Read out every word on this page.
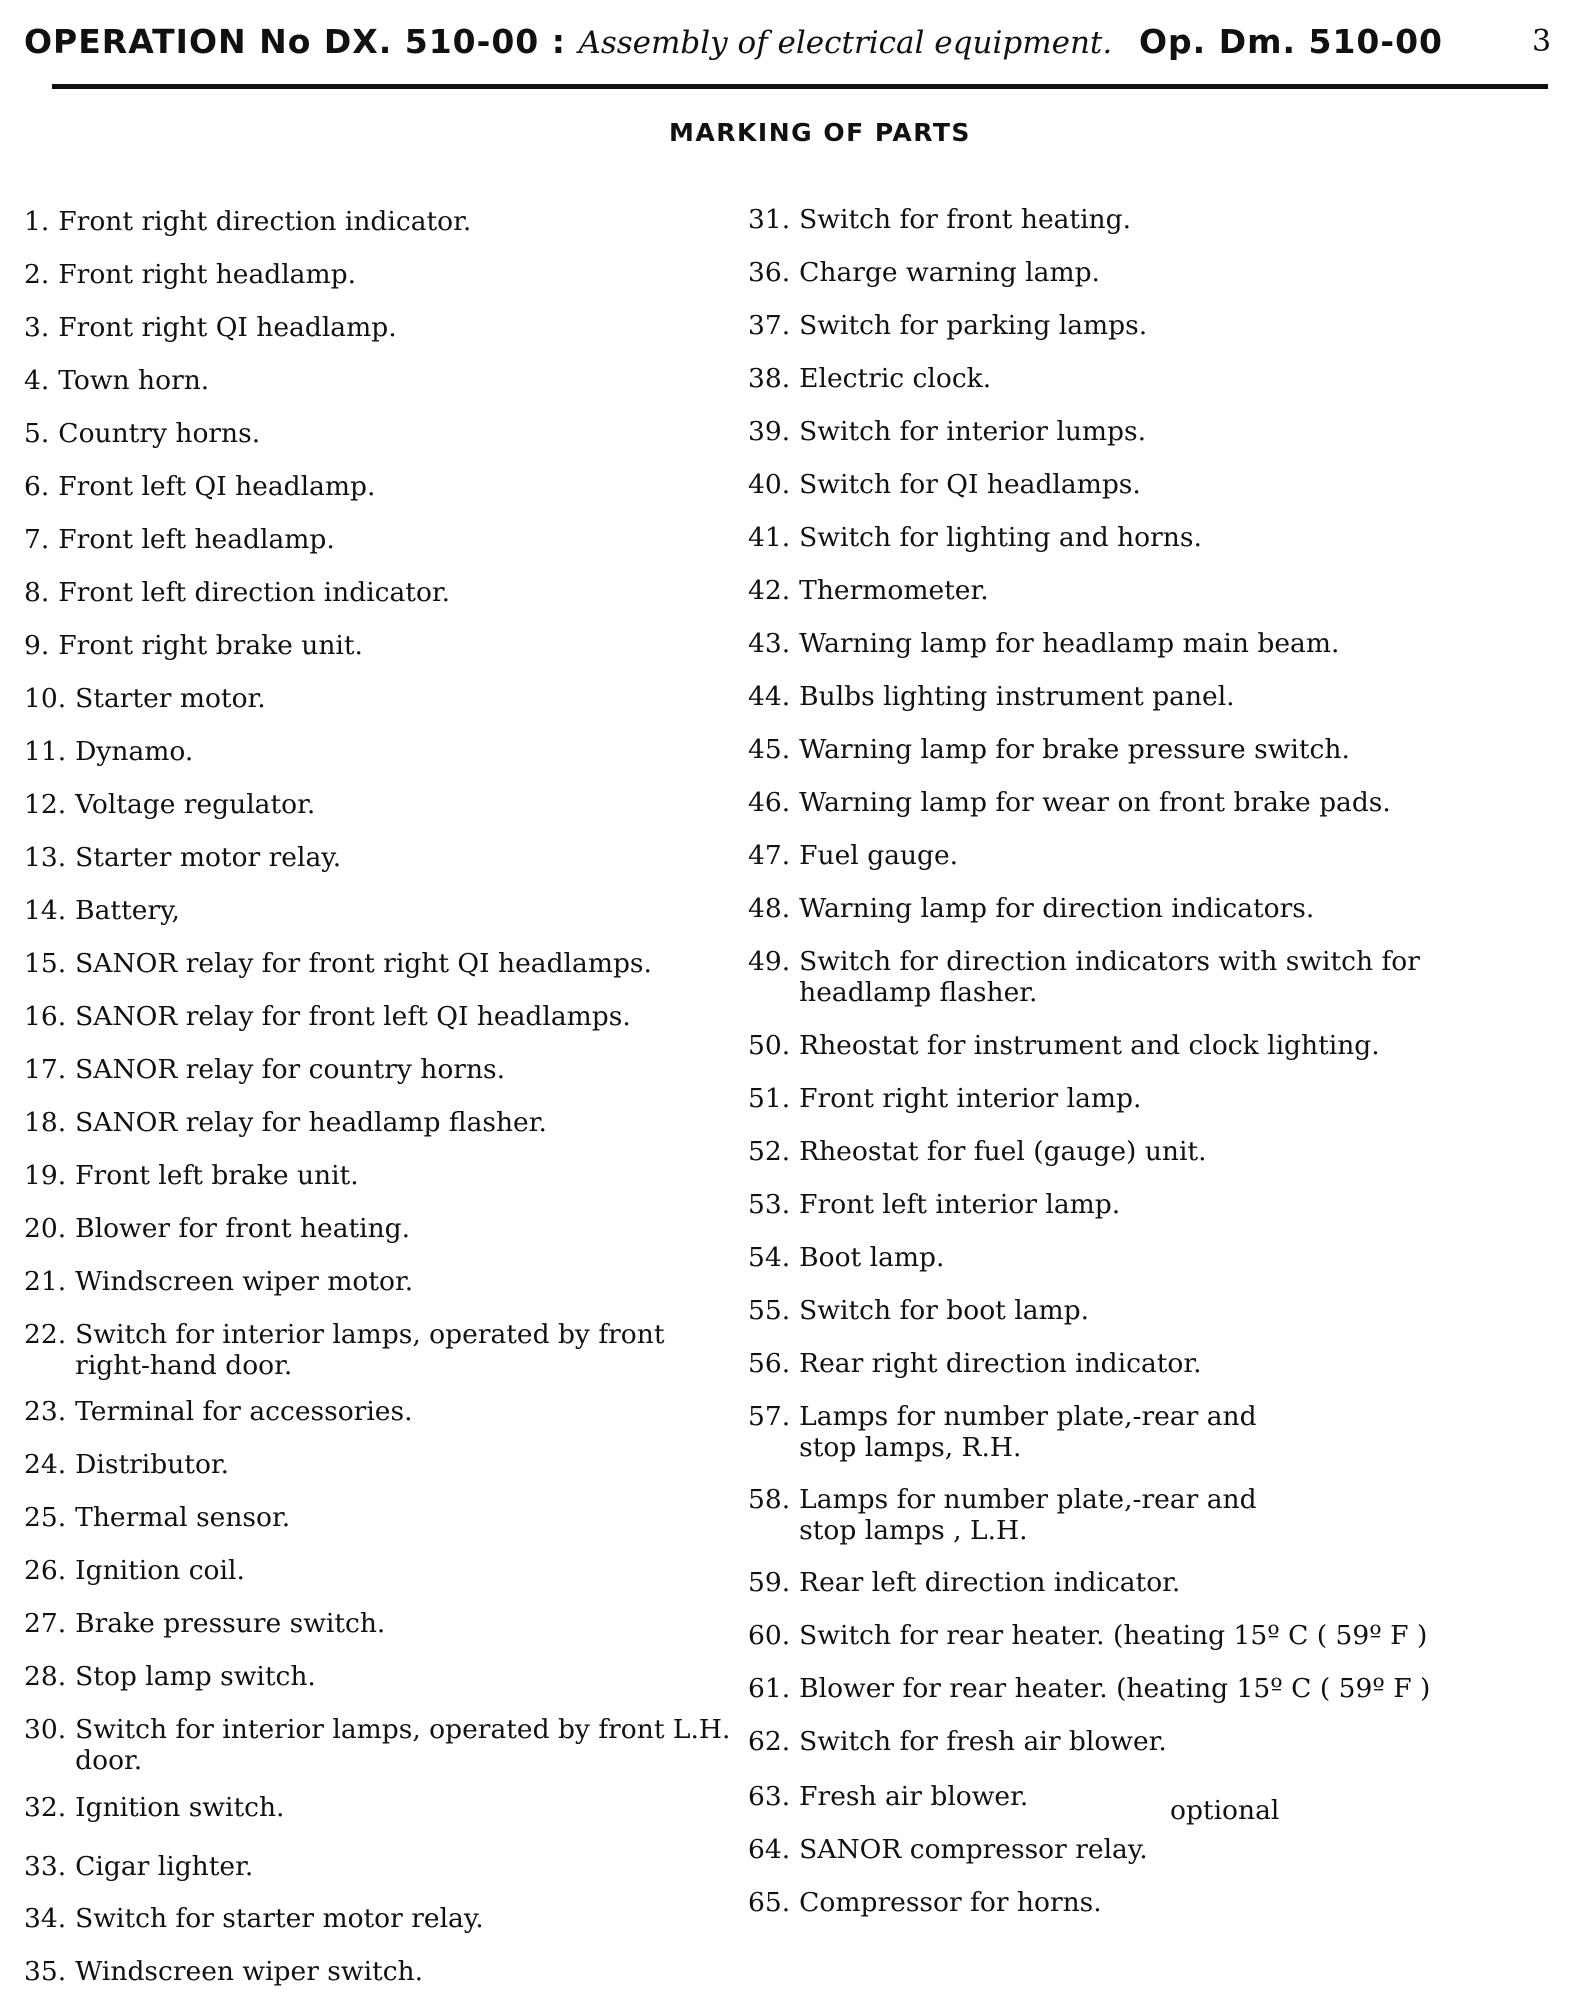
OPERATION No DX. 510-00 : Assembly of electrical equipment. Op. Dm. 510-00	3
MARKING OF PARTS
1. Front right direction indicator.
2. Front right headlamp.
3. Front right QI headlamp.
4. Town horn.
5. Country horns.
6. Front left QI headlamp.
7. Front left headlamp.
8. Front left direction indicator.
9. Front right brake unit.
10. Starter motor.
11. Dynamo.
12. Voltage regulator.
13. Starter motor relay.
14. Battery,
15. SANOR relay for front right QI headlamps.
16. SANOR relay for front left QI headlamps.
17. SANOR relay for country horns.
18. SANOR relay for headlamp flasher.
19. Front left brake unit.
20. Blower for front heating.
21. Windscreen wiper motor.
22. Switch for interior lamps, operated by front
right-hand door.
23. Terminal for accessories.
24. Distributor.
25. Thermal sensor.
26. Ignition coil.
27. Brake pressure switch.
28. Stop lamp switch.
30. Switch for interior lamps, operated by front L.H.
door.
32. Ignition switch.
33. Cigar lighter.
34. Switch for starter motor relay.
35. Windscreen wiper switch.
31. Switch for front heating.
36. Charge warning lamp.
37. Switch for parking lamps.
38. Electric clock.
39. Switch for interior lumps.
40. Switch for QI headlamps.
41. Switch for lighting and horns.
42. Thermometer.
43. Warning lamp for headlamp main beam.
44. Bulbs lighting instrument panel.
45. Warning lamp for brake pressure switch.
46. Warning lamp for wear on front brake pads.
47. Fuel gauge.
48. Warning lamp for direction indicators.
49. Switch for direction indicators with switch for
headlamp flasher.
50. Rheostat for instrument and clock lighting.
51. Front right interior lamp.
52. Rheostat for fuel (gauge) unit.
53. Front left interior lamp.
54. Boot lamp.
55. Switch for boot lamp.
56. Rear right direction indicator.
57. Lamps for number plate,-rear and
stop lamps, R.H.
58. Lamps for number plate,-rear and
stop lamps , L.H.
59. Rear left direction indicator.
60. Switch for rear heater. (heating 15º C ( 59º F )
61. Blower for rear heater. (heating 15º C ( 59º F )
62. Switch for fresh air blower.
63. Fresh air blower.
64. SANOR compressor relay.
65. Compressor for horns.
optional
